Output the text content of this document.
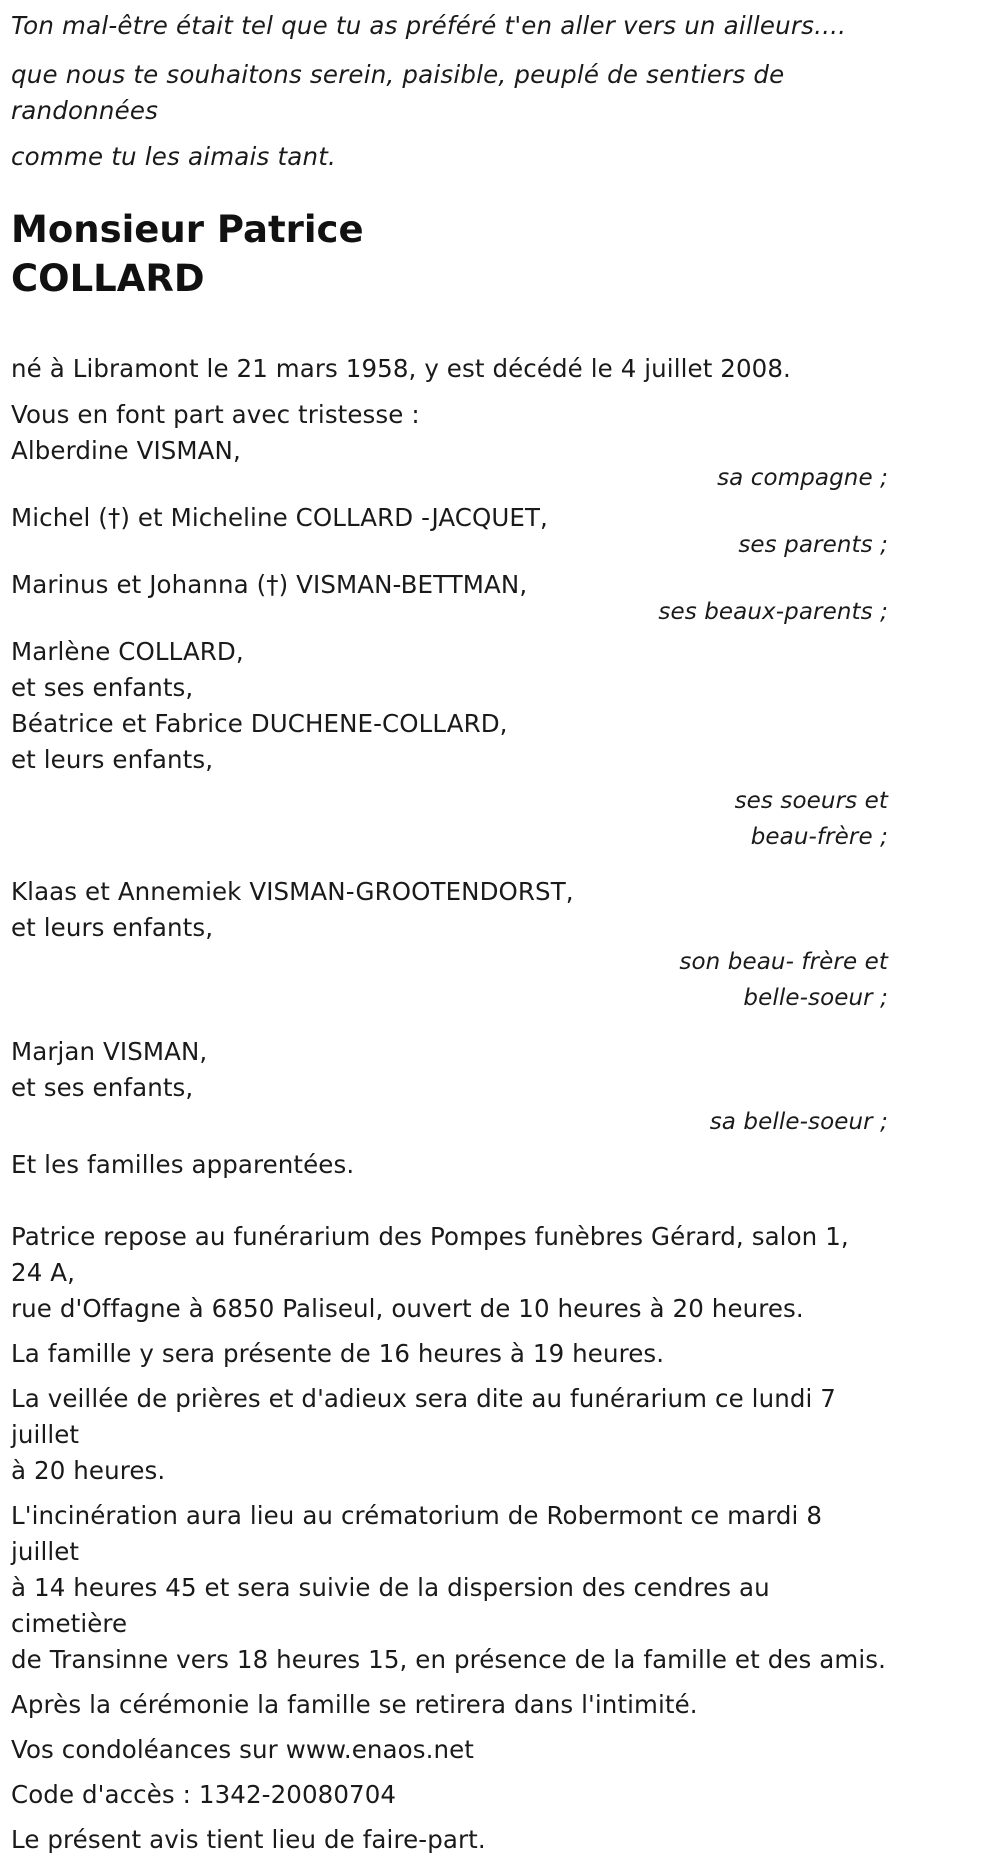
Ton mal-être était tel que tu as préféré t'en aller vers un ailleurs....

que nous te souhaitons serein, paisible, peuplé de sentiers de

randonnées

comme tu les aimais tant.

Monsieur Patrice
COLLARD

né à Libramont le 21 mars 1958, y est décédé le 4 juillet 2008.

Vous en font part avec tristesse :

Alberdine VISMAN,

sa compagne ;

Michel (†) et Micheline COLLARD -JACQUET,

ses parents ;

Marinus et Johanna (†) VISMAN-BETTMAN,

ses beaux-parents ;

Marlène COLLARD,

et ses enfants,

Béatrice et Fabrice DUCHENE-COLLARD,

et leurs enfants,

ses soeurs et

beau-frère ;

Klaas et Annemiek VISMAN-GROOTENDORST,

et leurs enfants,

son beau- frère et

belle-soeur ;

Marjan VISMAN,

et ses enfants,

sa belle-soeur ;

Et les familles apparentées.

Patrice repose au funérarium des Pompes funèbres Gérard, salon 1, 24 A,

rue d'Offagne à 6850 Paliseul, ouvert de 10 heures à 20 heures.

La famille y sera présente de 16 heures à 19 heures.

La veillée de prières et d'adieux sera dite au funérarium ce lundi 7 juillet

à 20 heures.

L'incinération aura lieu au crématorium de Robermont ce mardi 8 juillet

à 14 heures 45 et sera suivie de la dispersion des cendres au cimetière

de Transinne vers 18 heures 15, en présence de la famille et des amis.

Après la cérémonie la famille se retirera dans l'intimité.

Vos condoléances sur www.enaos.net

Code d'accès : 1342-20080704

Le présent avis tient lieu de faire-part.
